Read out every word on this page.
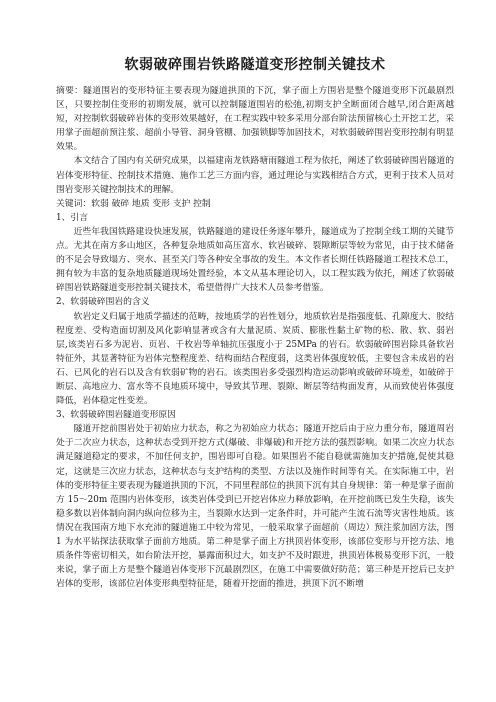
软弱破碎围岩铁路隧道变形控制关键技术

摘要：隧道围岩的变形特征主要表现为隧道拱顶的下沉，掌子面上方围岩是整个隧道变形下沉最剧烈区，只要控制住变形的初期发展，就可以控制隧道围岩的松弛,初期支护全断面闭合越早,闭合距离越短，对控制软弱破碎岩体的变形效果越好，在工程实践中较多采用分部台阶法预留核心土开挖工艺，采用掌子面超前预注浆、超前小导管、洞身管棚、加强锁脚等加固技术，对软弱破碎围岩变形控制有明显效果。

本文结合了国内有关研究成果，以福建南龙铁路塘雨隧道工程为依托，阐述了软弱破碎围岩隧道的岩体变形特征、控制技术措施、施作工艺三方面内容，通过理论与实践相结合方式，更利于技术人员对围岩变形关键控制技术的理解。

关键词：软弱 破碎 地质 变形 支护 控制

1、引言

近些年我国铁路建设快速发展，铁路隧道的建设任务逐年攀升，隧道成为了控制全线工期的关键节点。尤其在南方多山地区，各种复杂地质如高压富水、软岩破碎、裂隙断层等较为常见，由于技术储备的不足会导致塌方、突水、甚至关门等各种安全事故的发生。本文作者长期任铁路隧道工程技术总工，拥有较为丰富的复杂地质隧道现场处置经验，本文从基本理论切入，以工程实践为依托，阐述了软弱破碎围岩铁路隧道变形控制关键技术，希望借得广大技术人员参考借鉴。

2、软弱破碎围岩的含义

软岩定义归属于地质学描述的范畴，按地质学的岩性划分，地质软岩是指强度低、孔隙度大、胶结程度差、受构造面切割及风化影响显著或含有大量泥质、炭质、膨胀性黏土矿物的松、散、软、弱岩层,该类岩石多为泥岩、页岩、千枚岩等单轴抗压强度小于 25MPa 的岩石。软弱破碎围岩除具备软岩特征外，其显著特征为岩体完整程度差、结构面结合程度弱，这类岩体强度较低，主要包含未成岩的岩石、已风化的岩石以及含有软弱矿物的岩石。该类围岩多受强烈构造运动影响或破碎环境差，如破碎于断层、高地应力、富水等不良地质环境中，导致其节理、裂隙、断层等结构面发育，从而致使岩体强度降低，岩体稳定性变差。

3、软弱破碎围岩隧道变形原因

隧道开挖前围岩处于初始应力状态，称之为初始应力状态；隧道开挖后由于应力重分布，隧道周岩处于二次应力状态，这种状态受到开挖方式(爆破、非爆破)和开挖方法的强烈影响。如果二次应力状态满足隧道稳定的要求，不加任何支护，围岩即可自稳。如果围岩不能自稳就需施加支护措施,促使其稳定，这就是三次应力状态，这种状态与支护结构的类型、方法以及施作时间等有关。在实际施工中，岩体的变形特征主要表现为隧道拱顶的下沉，不同里程部位的拱顶下沉有其自身规律：第一种是掌子面前方 15～20m 范围内岩体变形，该类岩体受到已开挖岩体应力释放影响，在开挖前既已发生失稳，该失稳多数以岩体制向洞内纵向位移为主，当裂隙水达到一定条件时，并可能产生流石流等灾害性地质。该情况在我国南方地下水充沛的隧道施工中较为常见，一般采取掌子面超前（周边）预注浆加固方法，图 1 为水平钻探法获取掌子面前方地质。第二种是掌子面上方拱顶岩体变形，该部位变形与开挖方法、地质条件等密切相关，如台阶法开挖，暴露面积过大，如支护不及时跟进，拱顶岩体极易变形下沉，一般来说，掌子面上方是整个隧道岩体变形下沉最剧烈区，在施工中需要做好防范；第三种是开挖后已支护岩体的变形，该部位岩体变形典型特征是，随着开挖面的推进，拱顶下沉不断增
